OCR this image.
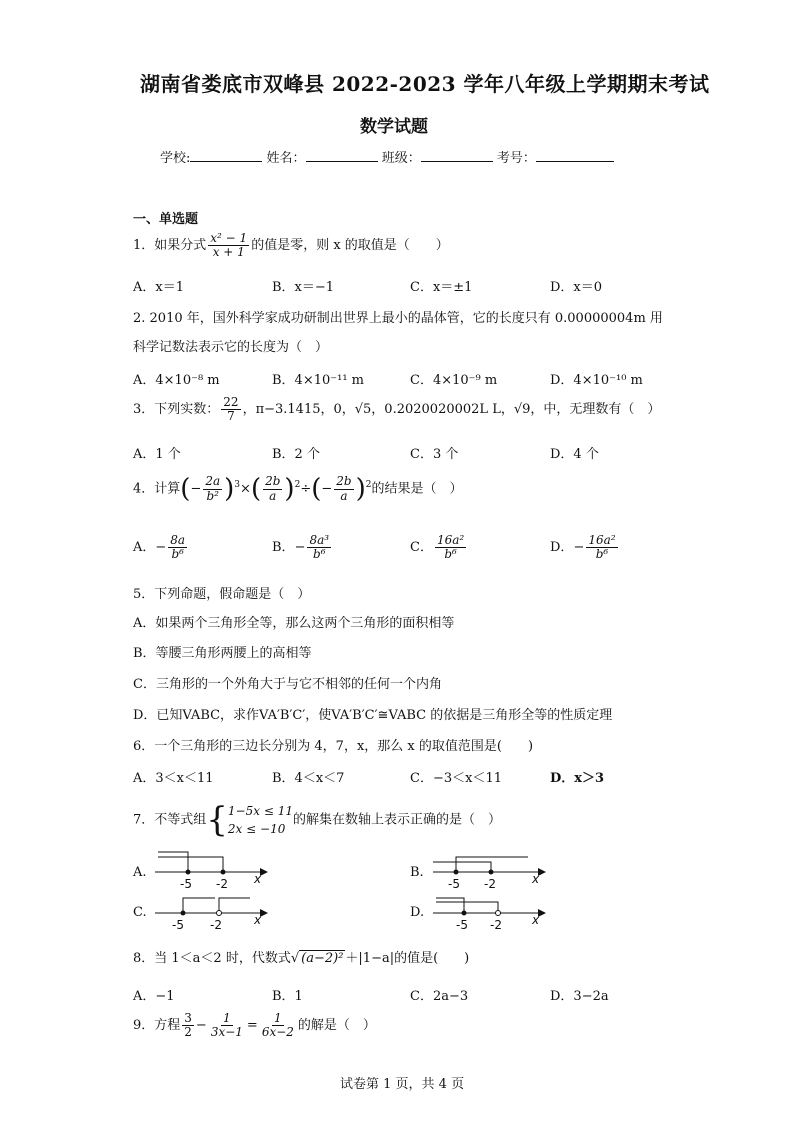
湖南省娄底市双峰县 2022-2023 学年八年级上学期期末考试
数学试题
学校:	姓名：	班级：	考号：
一、单选题
1．如果分式 $\frac{\text{x² − 1}}{x + 1}$ 的值是零，则 x 的取值是（　　）
A．x＝1	B．x＝−1	C．x＝±1	D．x＝0
2. 2010 年，国外科学家成功研制出世界上最小的晶体管，它的长度只有 0.00000004m 用
科学记数法表示它的长度为（　）
A．4×10⁻⁸ m	B．4×10⁻¹¹ m	C．4×10⁻⁹ m	D．4×10⁻¹⁰ m
3．下列实数： $\frac{22}{7}$ ，π−3.1415，0，√5，0.2020020002L L，√9，中，无理数有（　）
A．1 个	B．2 个	C．3 个	D．4 个
4．计算(− $\frac{2a}{\text{b²}} )^3\times( \frac{2b}{a} )^2\div(- \frac{2b}{a} )^2$的结果是（　）
A．− $\frac{8a}{\text{b⁶}}$	B．− $\frac{\text{8a³}}{\text{b⁶}}$	C． $\frac{\text{16a²}}{\text{b⁶}}$	D．− $\frac{\text{16a²}}{\text{b⁶}}$
5．下列命题，假命题是（　）
A．如果两个三角形全等，那么这两个三角形的面积相等
B．等腰三角形两腰上的高相等
C．三角形的一个外角大于与它不相邻的任何一个内角
D．已知VABC，求作VA′B′C′，使VA′B′C′≅VABC 的依据是三角形全等的性质定理
6．一个三角形的三边长分别为 4，7，x，那么 x 的取值范围是(　　)
A．3＜x＜11	B．4＜x＜7	C．−3＜x＜11	D．x＞3
7．不等式组{ 1−5x ≤ 11
2x ≤ −10
的解集在数轴上表示正确的是（　）
A.
-5 -2 x	B.
-5 -2	x
C.
-5 -2	x	D.
-5 -2	x
8．当 1＜a＜2 时，代数式√ (a−2)² ＋|1−a|的值是(　　)
A．−1	B．1	C．2a−3	D．3−2a
9．方程 $\frac{3}{2} - \frac{1}{3x-1} = \frac{1}{6x-2}$ 的解是（　）
试卷第 1 页，共 4 页
